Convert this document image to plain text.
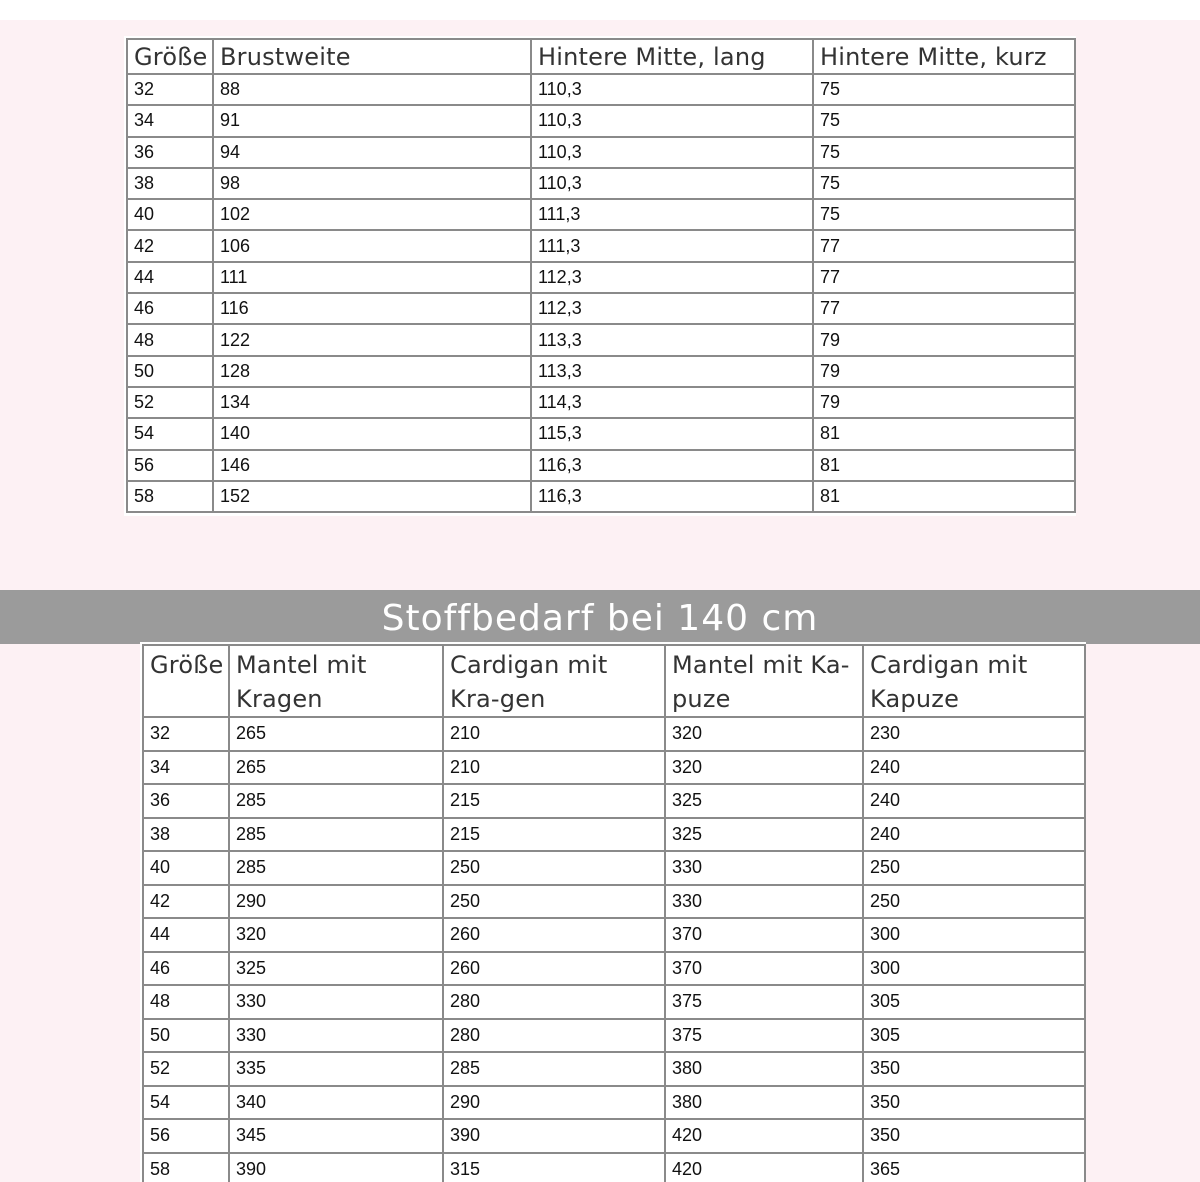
Größe	Brustweite	Hintere Mitte, lang	Hintere Mitte, kurz
32	88	110,3	75
34	91	110,3	75
36	94	110,3	75
38	98	110,3	75
40	102	111,3	75
42	106	111,3	77
44	111	112,3	77
46	116	112,3	77
48	122	113,3	79
50	128	113,3	79
52	134	114,3	79
54	140	115,3	81
56	146	116,3	81
58	152	116,3	81
Stoffbedarf bei 140 cm
Größe	Mantel mit Kragen	Cardigan mit Kra-gen	Mantel mit Ka-puze	Cardigan mit Kapuze
32	265	210	320	230
34	265	210	320	240
36	285	215	325	240
38	285	215	325	240
40	285	250	330	250
42	290	250	330	250
44	320	260	370	300
46	325	260	370	300
48	330	280	375	305
50	330	280	375	305
52	335	285	380	350
54	340	290	380	350
56	345	390	420	350
58	390	315	420	365
